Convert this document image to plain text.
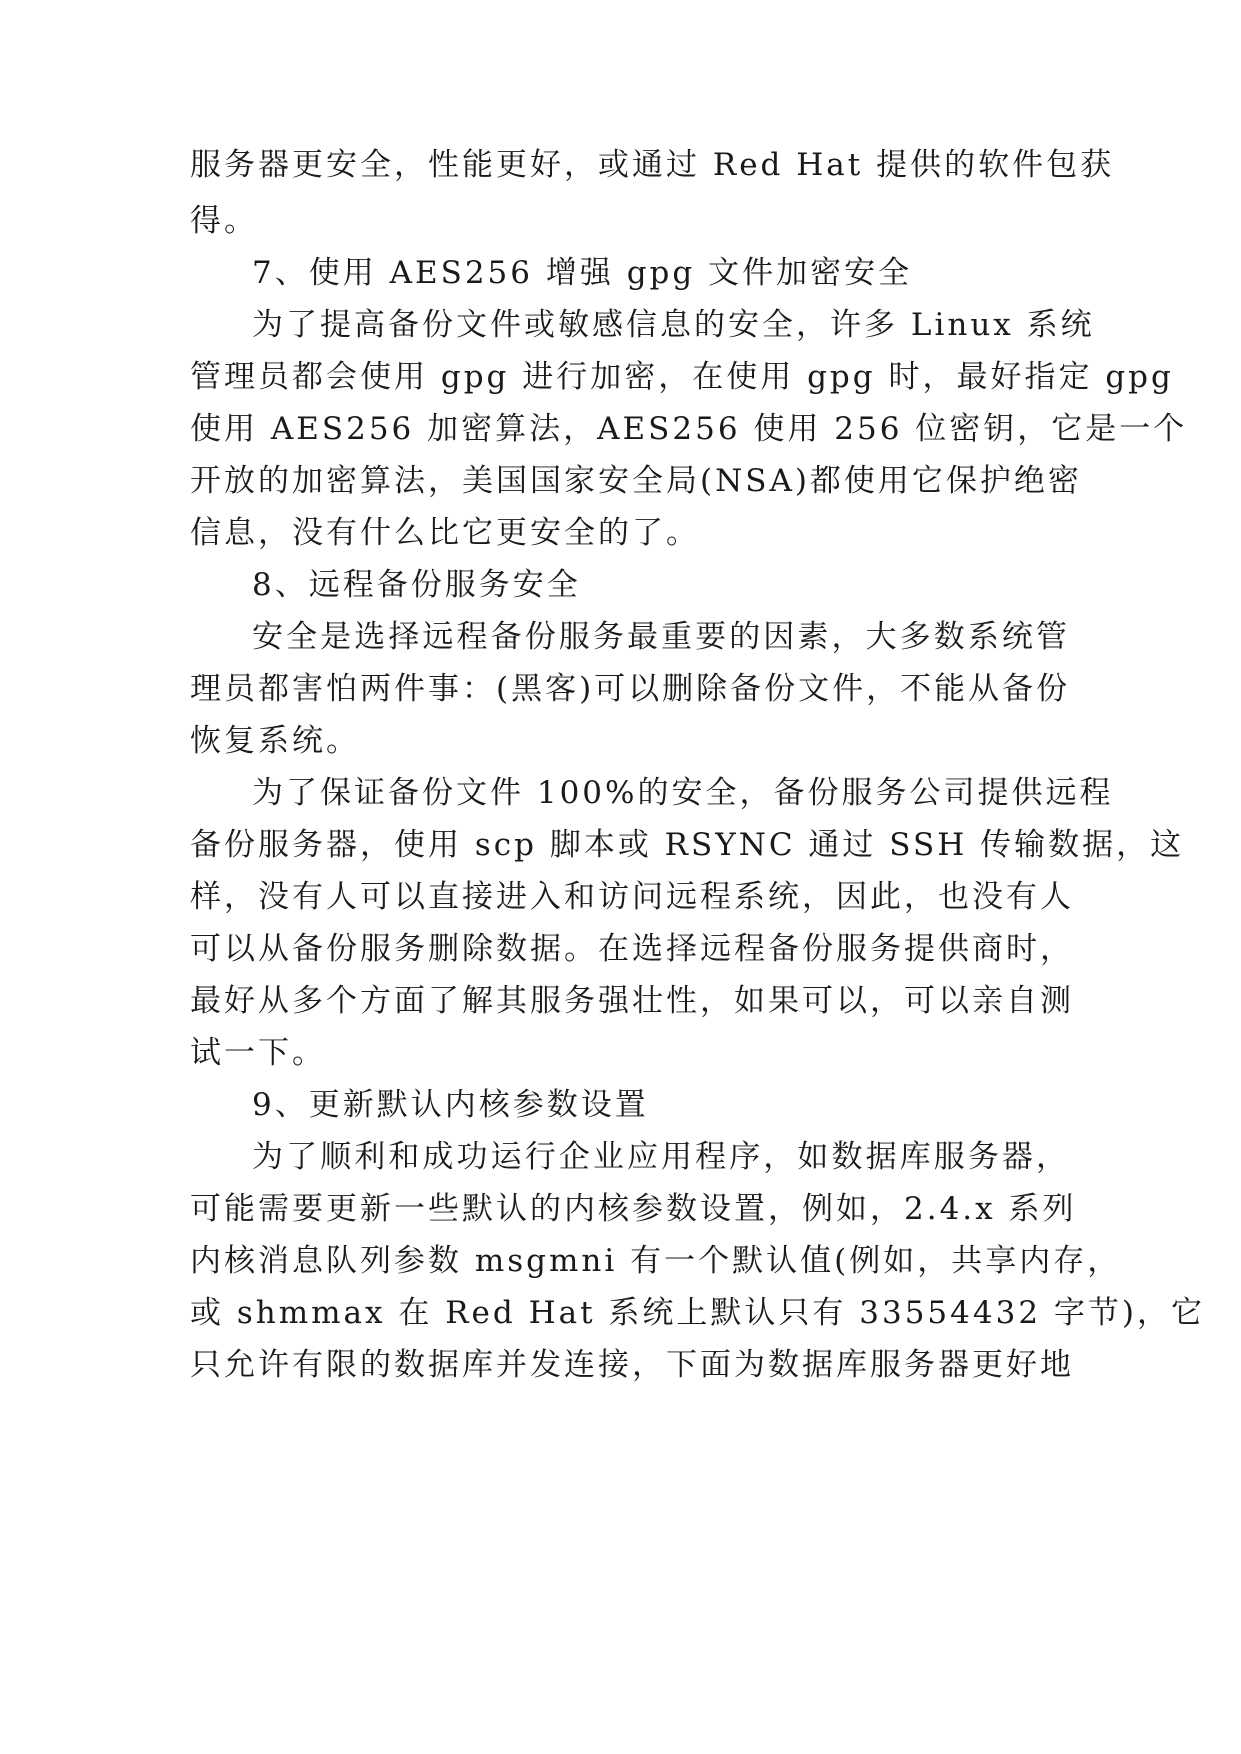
服务器更安全，性能更好，或通过 Red Hat 提供的软件包获
得。
7、使用 AES256 增强 gpg 文件加密安全
为了提高备份文件或敏感信息的安全，许多 Linux 系统
管理员都会使用 gpg 进行加密，在使用 gpg 时，最好指定 gpg
使用 AES256 加密算法，AES256 使用 256 位密钥，它是一个
开放的加密算法，美国国家安全局(NSA)都使用它保护绝密
信息，没有什么比它更安全的了。
8、远程备份服务安全
安全是选择远程备份服务最重要的因素，大多数系统管
理员都害怕两件事：(黑客)可以删除备份文件，不能从备份
恢复系统。
为了保证备份文件 100%的安全，备份服务公司提供远程
备份服务器，使用 scp 脚本或 RSYNC 通过 SSH 传输数据，这
样，没有人可以直接进入和访问远程系统，因此，也没有人
可以从备份服务删除数据。在选择远程备份服务提供商时，
最好从多个方面了解其服务强壮性，如果可以，可以亲自测
试一下。
9、更新默认内核参数设置
为了顺利和成功运行企业应用程序，如数据库服务器，
可能需要更新一些默认的内核参数设置，例如，2.4.x 系列
内核消息队列参数 msgmni 有一个默认值(例如，共享内存，
或 shmmax 在 Red Hat 系统上默认只有 33554432 字节)，它
只允许有限的数据库并发连接，下面为数据库服务器更好地
